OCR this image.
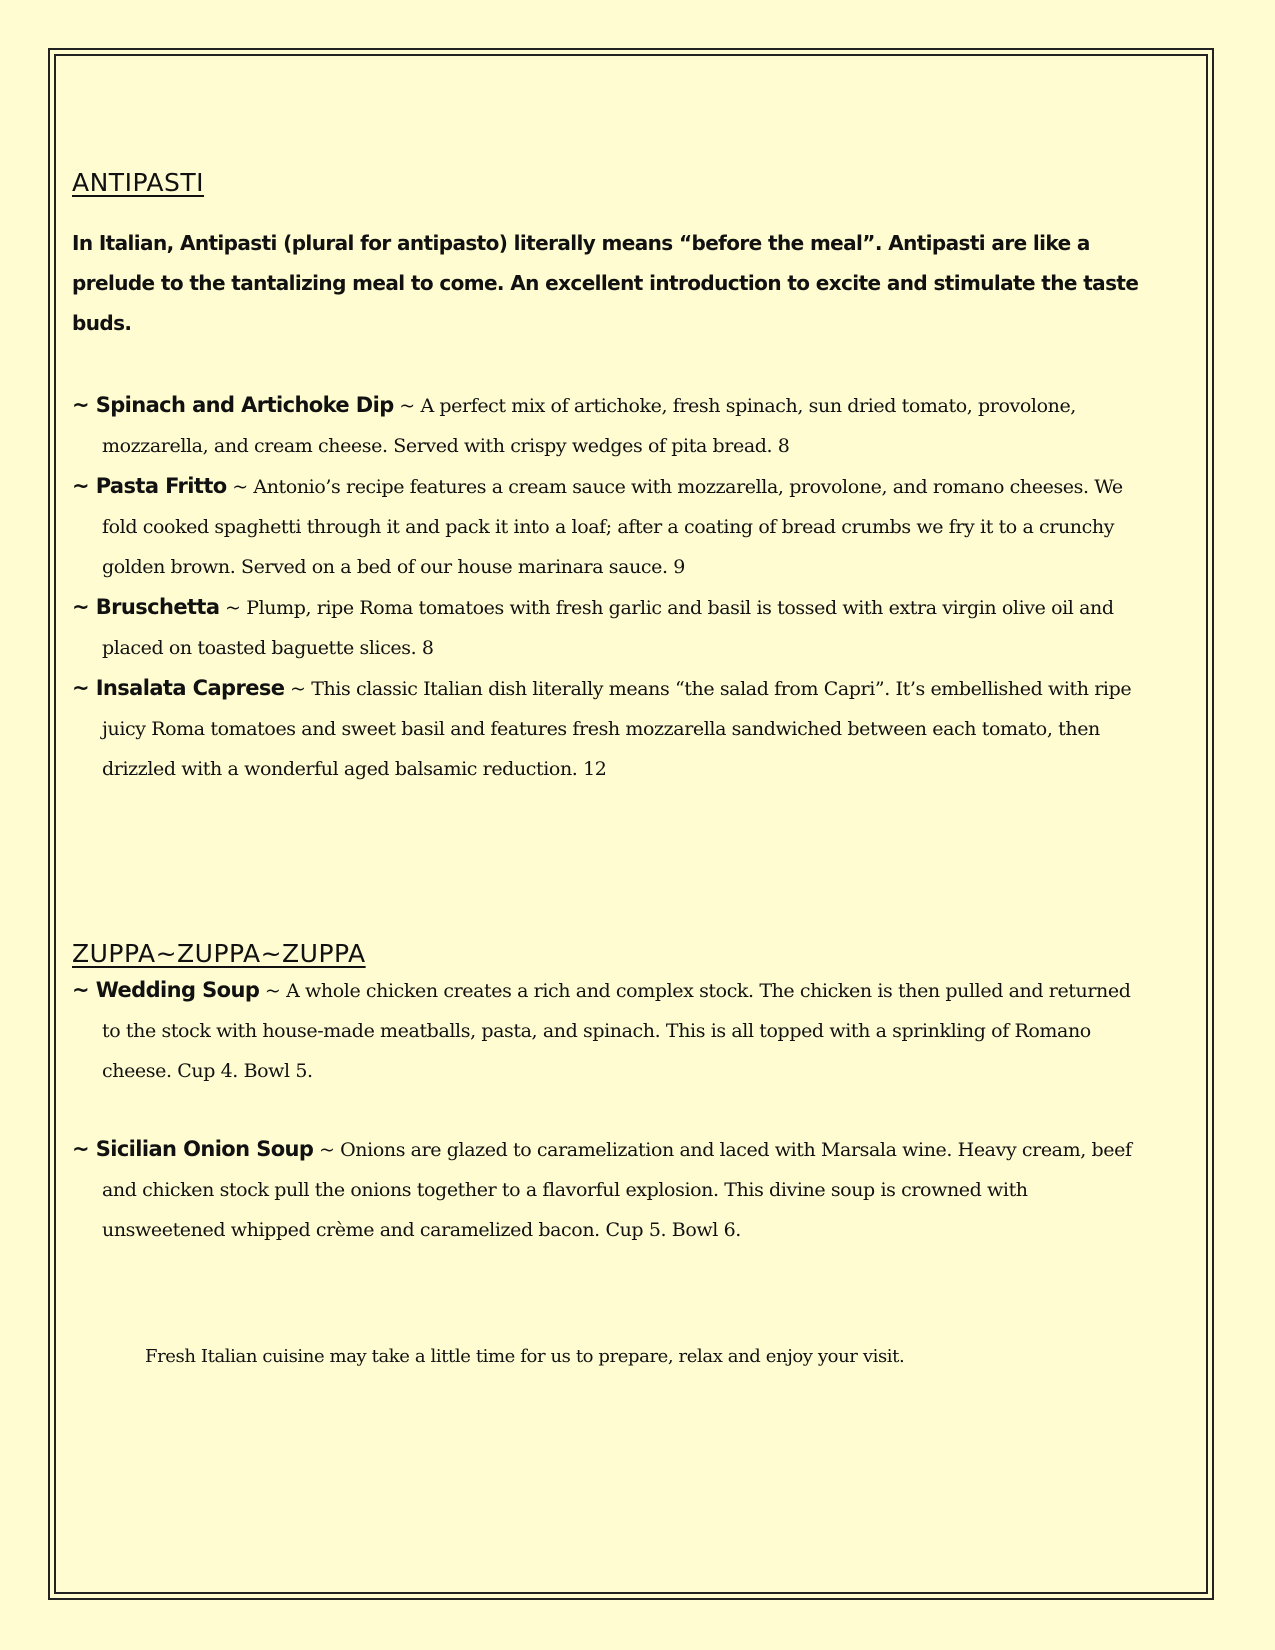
ANTIPASTI

In Italian, Antipasti (plural for antipasto) literally means “before the meal”. Antipasti are like a prelude to the tantalizing meal to come. An excellent introduction to excite and stimulate the taste buds.

~ Spinach and Artichoke Dip ~ A perfect mix of artichoke, fresh spinach, sun dried tomato, provolone, mozzarella, and cream cheese. Served with crispy wedges of pita bread. 8
~ Pasta Fritto ~ Antonio’s recipe features a cream sauce with mozzarella, provolone, and romano cheeses. We fold cooked spaghetti through it and pack it into a loaf; after a coating of bread crumbs we fry it to a crunchy golden brown. Served on a bed of our house marinara sauce. 9
~ Bruschetta ~ Plump, ripe Roma tomatoes with fresh garlic and basil is tossed with extra virgin olive oil and placed on toasted baguette slices. 8
~ Insalata Caprese ~ This classic Italian dish literally means “the salad from Capri”. It’s embellished with ripe juicy Roma tomatoes and sweet basil and features fresh mozzarella sandwiched between each tomato, then drizzled with a wonderful aged balsamic reduction. 12
ZUPPA~ZUPPA~ZUPPA
~ Wedding Soup ~ A whole chicken creates a rich and complex stock. The chicken is then pulled and returned to the stock with house-made meatballs, pasta, and spinach. This is all topped with a sprinkling of Romano cheese. Cup 4. Bowl 5.
~ Sicilian Onion Soup ~ Onions are glazed to caramelization and laced with Marsala wine. Heavy cream, beef and chicken stock pull the onions together to a flavorful explosion. This divine soup is crowned with unsweetened whipped crème and caramelized bacon. Cup 5. Bowl 6.
Fresh Italian cuisine may take a little time for us to prepare, relax and enjoy your visit.
